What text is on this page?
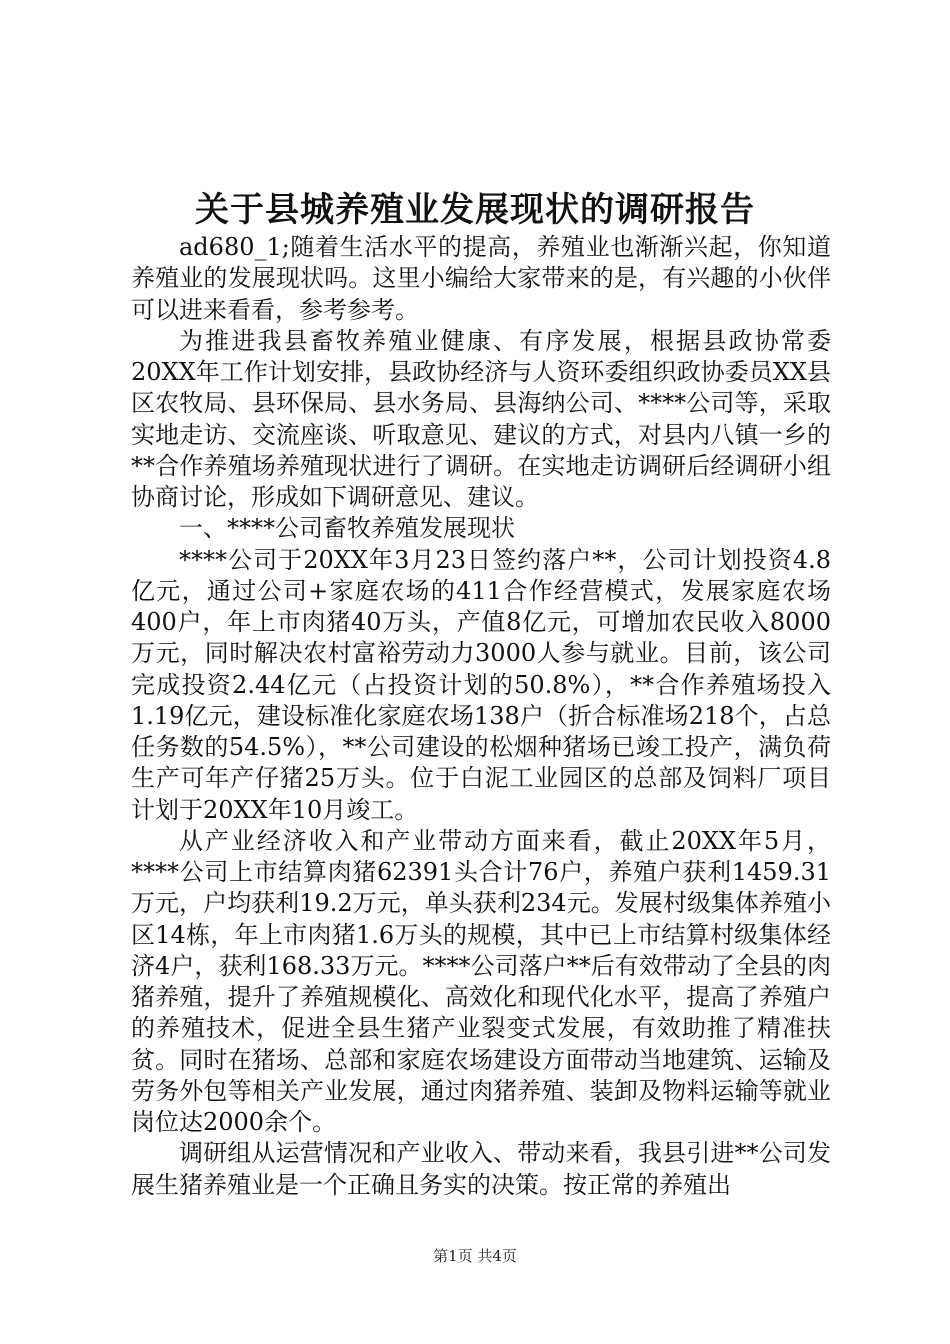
关于县城养殖业发展现状的调研报告

ad680_1;随着生活水平的提高，养殖业也渐渐兴起，你知道养殖业的发展现状吗。这里小编给大家带来的是，有兴趣的小伙伴可以进来看看，参考参考。

为推进我县畜牧养殖业健康、有序发展，根据县政协常委20XX年工作计划安排，县政协经济与人资环委组织政协委员XX县区农牧局、县环保局、县水务局、县海纳公司、****公司等，采取实地走访、交流座谈、听取意见、建议的方式，对县内八镇一乡的**合作养殖场养殖现状进行了调研。在实地走访调研后经调研小组协商讨论，形成如下调研意见、建议。

一、****公司畜牧养殖发展现状

****公司于20XX年3月23日签约落户**，公司计划投资4.8亿元，通过公司+家庭农场的411合作经营模式，发展家庭农场400户，年上市肉猪40万头，产值8亿元，可增加农民收入8000万元，同时解决农村富裕劳动力3000人参与就业。目前，该公司完成投资2.44亿元（占投资计划的50.8%），**合作养殖场投入1.19亿元，建设标准化家庭农场138户（折合标准场218个，占总任务数的54.5%），**公司建设的松烟种猪场已竣工投产，满负荷生产可年产仔猪25万头。位于白泥工业园区的总部及饲料厂项目计划于20XX年10月竣工。

从产业经济收入和产业带动方面来看，截止20XX年5月，****公司上市结算肉猪62391头合计76户，养殖户获利1459.31万元，户均获利19.2万元，单头获利234元。发展村级集体养殖小区14栋，年上市肉猪1.6万头的规模，其中已上市结算村级集体经济4户，获利168.33万元。****公司落户**后有效带动了全县的肉猪养殖，提升了养殖规模化、高效化和现代化水平，提高了养殖户的养殖技术，促进全县生猪产业裂变式发展，有效助推了精准扶贫。同时在猪场、总部和家庭农场建设方面带动当地建筑、运输及劳务外包等相关产业发展，通过肉猪养殖、装卸及物料运输等就业岗位达2000余个。

调研组从运营情况和产业收入、带动来看，我县引进**公司发展生猪养殖业是一个正确且务实的决策。按正常的养殖出

第1页 共4页
